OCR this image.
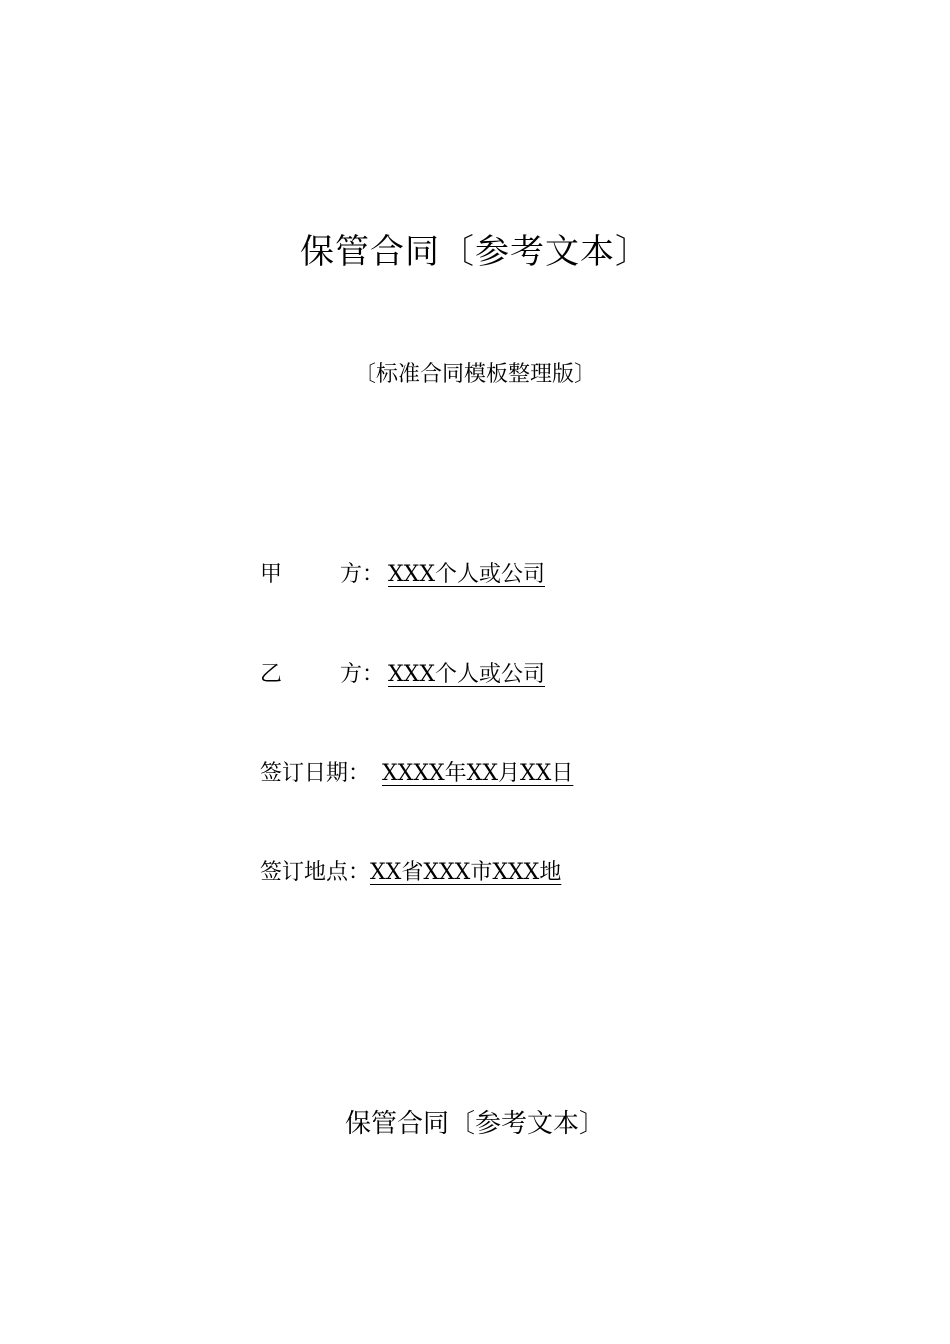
保管合同〔参考文本〕

〔标准合同模板整理版〕

甲	方： XXX个人或公司
乙	方： XXX个人或公司
签订日期： XXXX年XX月XX日
签订地点：XX省XXX市XXX地
保管合同〔参考文本〕
